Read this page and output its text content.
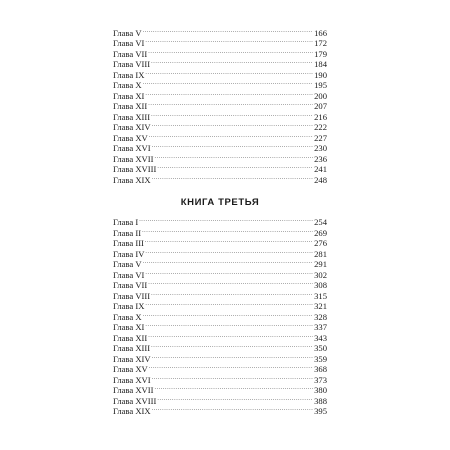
Глава V .....	166
Глава VI .....	172
Глава VII .....	179
Глава VIII .....	184
Глава IX .....	190
Глава X .....	195
Глава XI .....	200
Глава XII .....	207
Глава XIII .....	216
Глава XIV .....	222
Глава XV .....	227
Глава XVI .....	230
Глава XVII .....	236
Глава XVIII .....	241
Глава XIX .....	248
КНИГА ТРЕТЬЯ
Глава I .....	254
Глава II .....	269
Глава III .....	276
Глава IV .....	281
Глава V .....	291
Глава VI .....	302
Глава VII .....	308
Глава VIII .....	315
Глава IX .....	321
Глава X .....	328
Глава XI .....	337
Глава XII .....	343
Глава XIII .....	350
Глава XIV .....	359
Глава XV .....	368
Глава XVI .....	373
Глава XVII .....	380
Глава XVIII .....	388
Глава XIX .....	395
